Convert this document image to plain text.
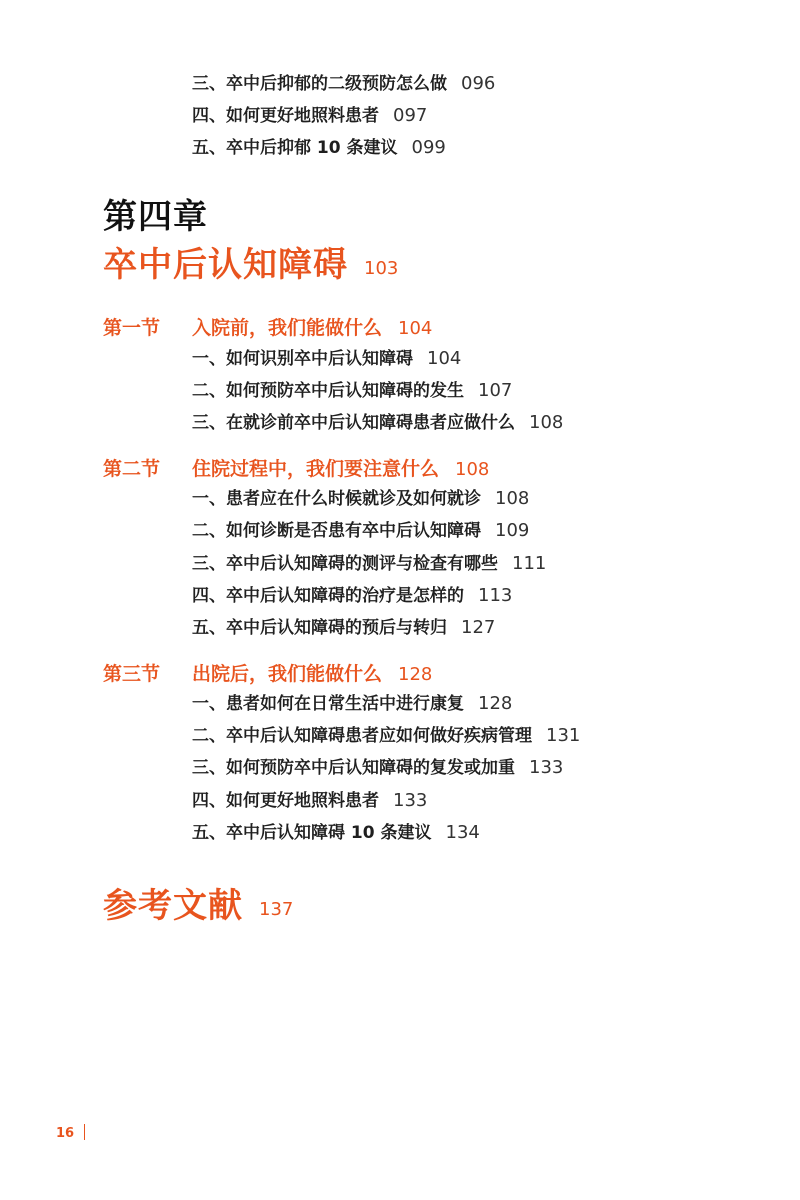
三、卒中后抑郁的二级预防怎么做 096
四、如何更好地照料患者 097
五、卒中后抑郁 10 条建议 099
第四章
卒中后认知障碍 103
第一节 入院前，我们能做什么 104
一、如何识别卒中后认知障碍 104
二、如何预防卒中后认知障碍的发生 107
三、在就诊前卒中后认知障碍患者应做什么 108
第二节 住院过程中，我们要注意什么 108
一、患者应在什么时候就诊及如何就诊 108
二、如何诊断是否患有卒中后认知障碍 109
三、卒中后认知障碍的测评与检查有哪些 111
四、卒中后认知障碍的治疗是怎样的 113
五、卒中后认知障碍的预后与转归 127
第三节 出院后，我们能做什么 128
一、患者如何在日常生活中进行康复 128
二、卒中后认知障碍患者应如何做好疾病管理 131
三、如何预防卒中后认知障碍的复发或加重 133
四、如何更好地照料患者 133
五、卒中后认知障碍 10 条建议 134
参考文献 137
16
